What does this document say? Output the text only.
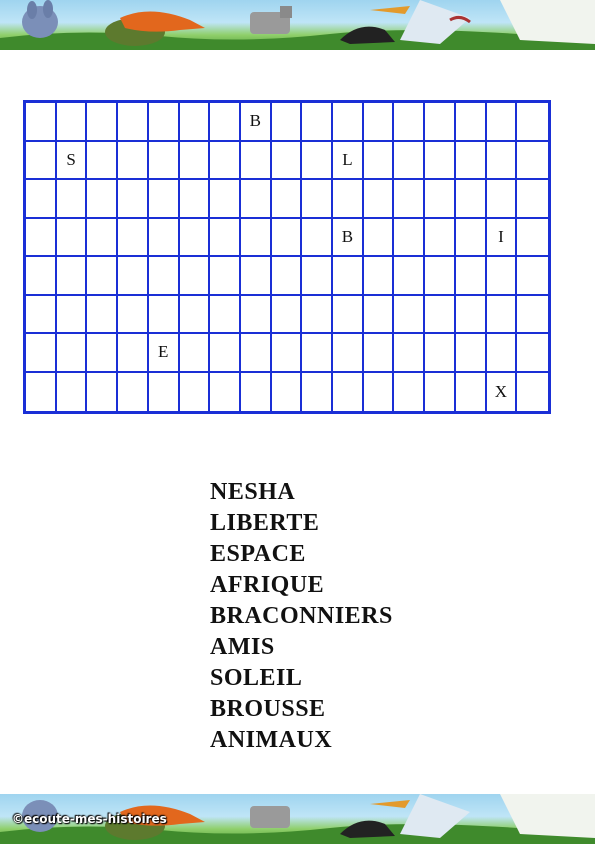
B
S	L
B	I
E
X
NESHA
LIBERTE
ESPACE
AFRIQUE
BRACONNIERS
AMIS
SOLEIL
BROUSSE
ANIMAUX
©ecoute-mes-histoires
